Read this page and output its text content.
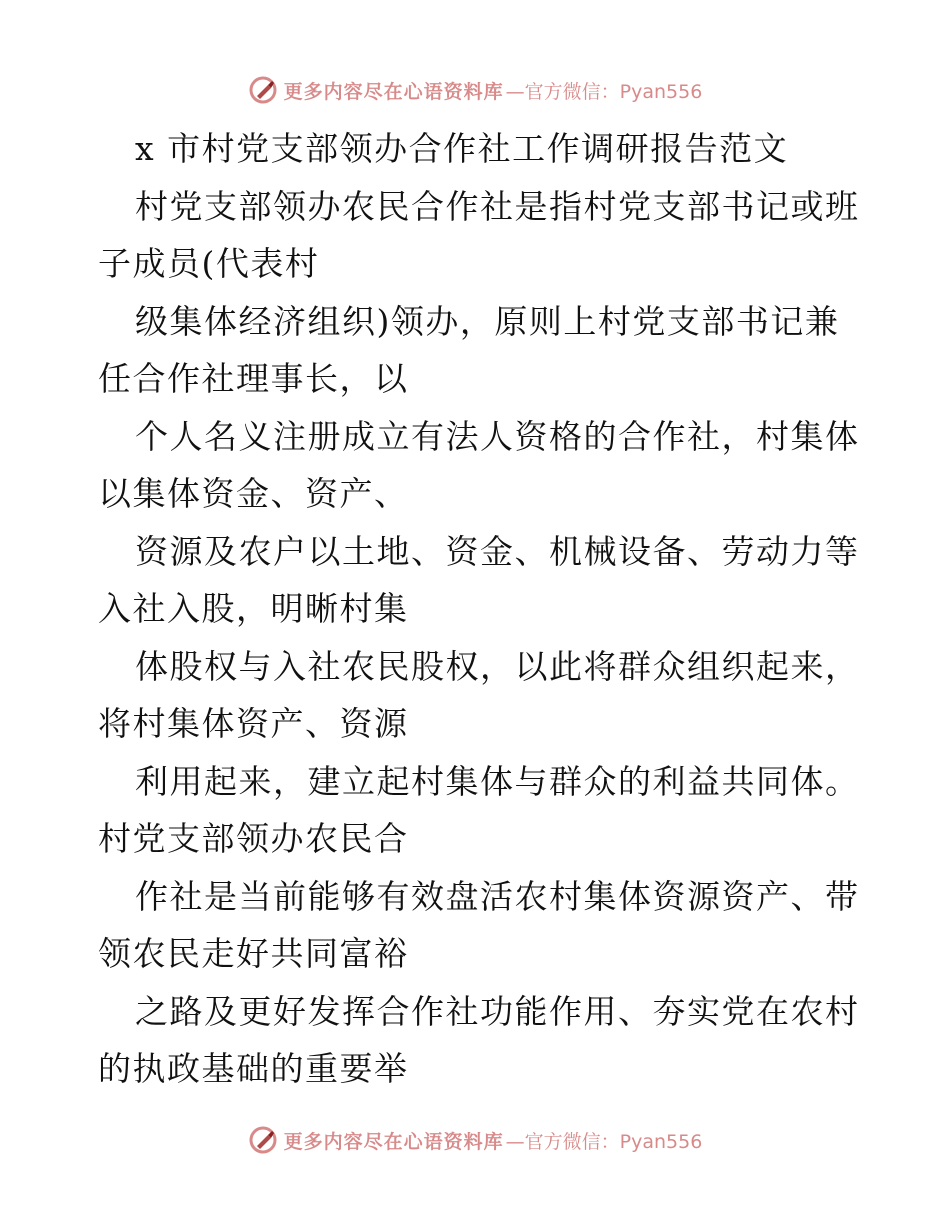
更多内容尽在心语资料库 —官方微信：Pyan556
x 市村党支部领办合作社工作调研报告范文
村党支部领办农民合作社是指村党支部书记或班
子成员(代表村
级集体经济组织)领办，原则上村党支部书记兼
任合作社理事长，以
个人名义注册成立有法人资格的合作社，村集体
以集体资金、资产、
资源及农户以土地、资金、机械设备、劳动力等
入社入股，明晰村集
体股权与入社农民股权，以此将群众组织起来，
将村集体资产、资源
利用起来，建立起村集体与群众的利益共同体。
村党支部领办农民合
作社是当前能够有效盘活农村集体资源资产、带
领农民走好共同富裕
之路及更好发挥合作社功能作用、夯实党在农村
的执政基础的重要举
更多内容尽在心语资料库 —官方微信：Pyan556
